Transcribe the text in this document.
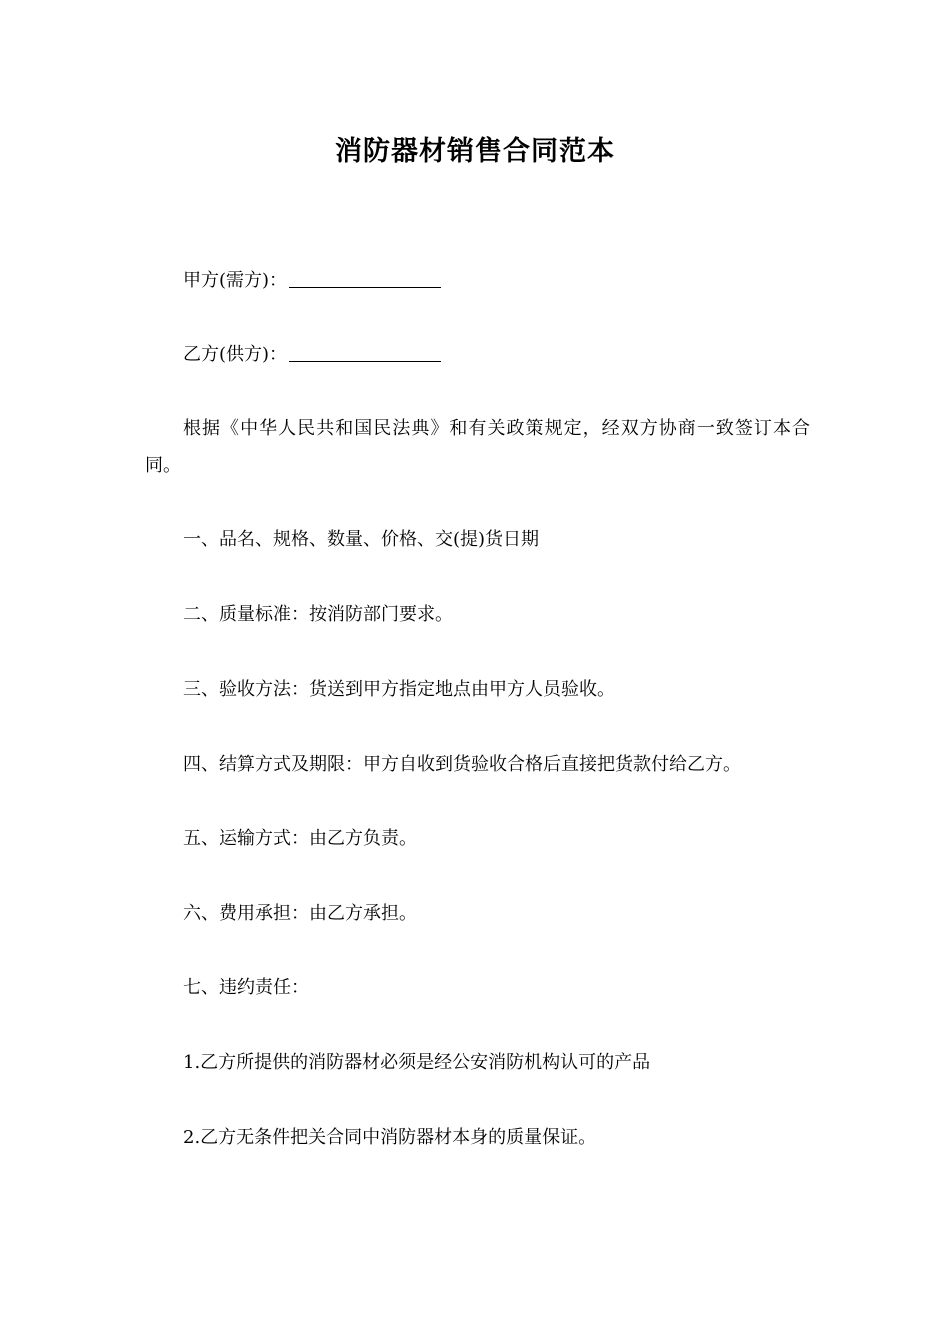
消防器材销售合同范本
甲方(需方)：
乙方(供方)：
根据《中华人民共和国民法典》和有关政策规定，经双方协商一致签订本合同。
一、品名、规格、数量、价格、交(提)货日期
二、质量标准：按消防部门要求。
三、验收方法：货送到甲方指定地点由甲方人员验收。
四、结算方式及期限：甲方自收到货验收合格后直接把货款付给乙方。
五、运输方式：由乙方负责。
六、费用承担：由乙方承担。
七、违约责任：
1.乙方所提供的消防器材必须是经公安消防机构认可的产品
2.乙方无条件把关合同中消防器材本身的质量保证。
